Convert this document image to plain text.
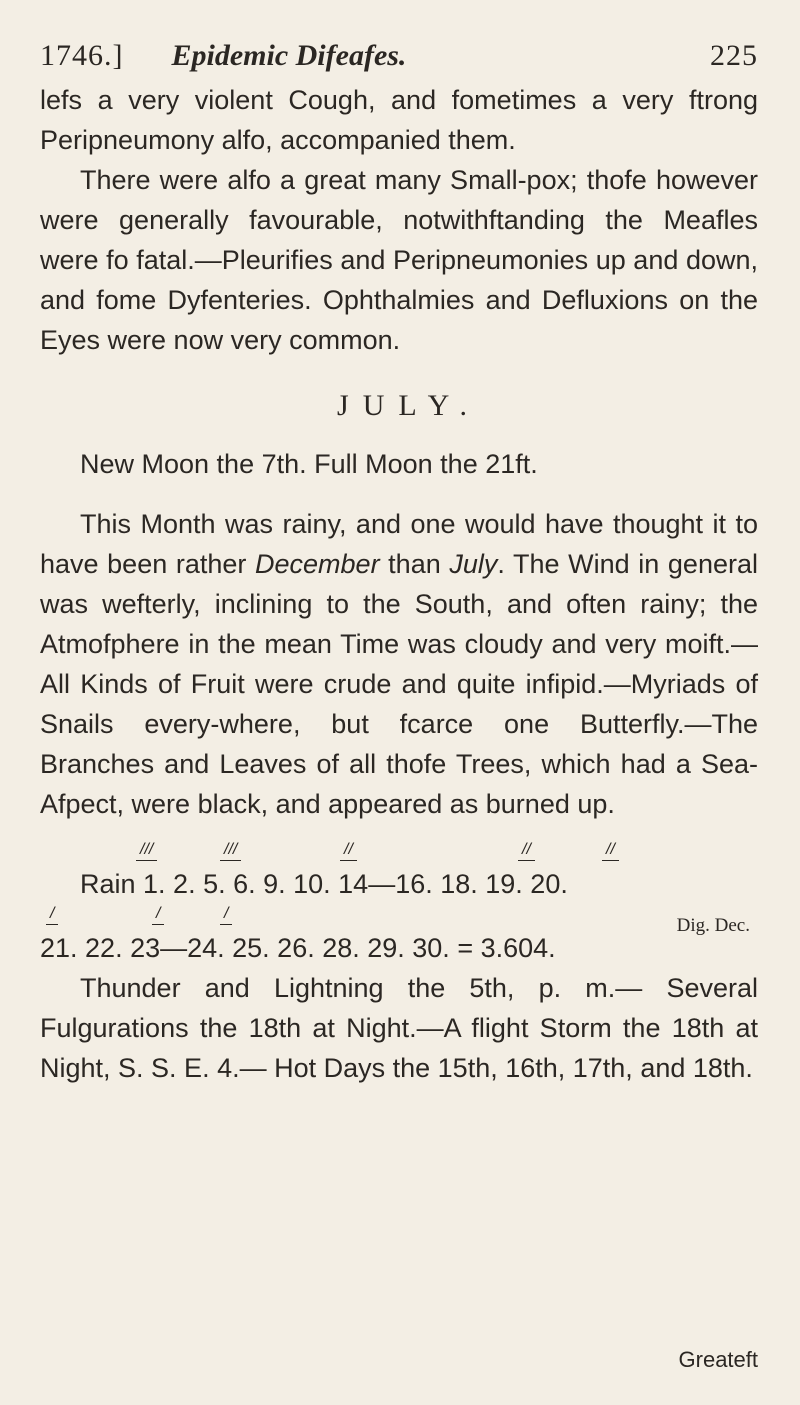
1746.] Epidemic Difeafes.	225

lefs a very violent Cough, and fometimes a very ftrong Peripneumony alfo, accompanied them.

There were alfo a great many Small-pox; thofe however were generally favourable, notwithftanding the Meafles were fo fatal.—Pleurifies and Peripneumonies up and down, and fome Dyfenteries. Ophthalmies and Defluxions on the Eyes were now very common.

JULY.

New Moon the 7th. Full Moon the 21ft.

This Month was rainy, and one would have thought it to have been rather December than July. The Wind in general was wefterly, inclining to the South, and often rainy; the Atmofphere in the mean Time was cloudy and very moift.—All Kinds of Fruit were crude and quite infipid.—Myriads of Snails every-where, but fcarce one Butterfly.—The Branches and Leaves of all thofe Trees, which had a Sea-Afpect, were black, and appeared as burned up.

///	///	//	//	//
Rain 1. 2. 5. 6. 9. 10. 14—16. 18. 19. 20.
/	/	/
Dig. Dec.
21. 22. 23—24. 25. 26. 28. 29. 30. = 3.604.

Thunder and Lightning the 5th, p. m.— Several Fulgurations the 18th at Night.—A flight Storm the 18th at Night, S. S. E. 4.— Hot Days the 15th, 16th, 17th, and 18th.

Greateft
